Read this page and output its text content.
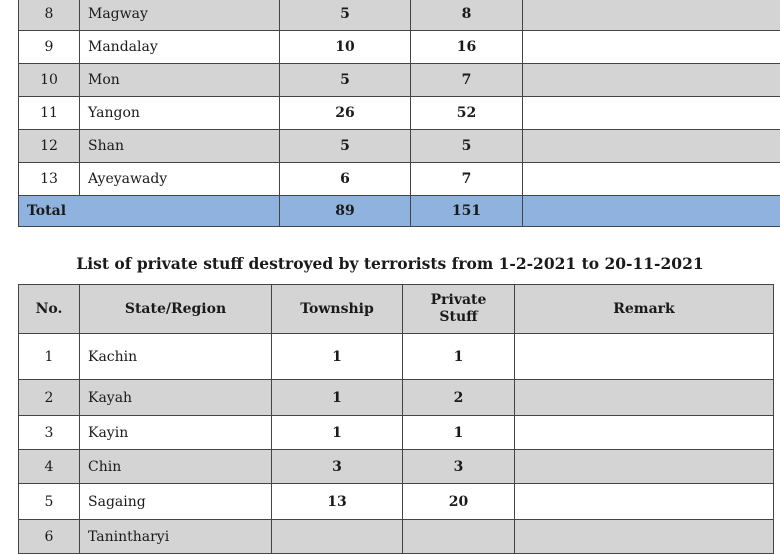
8	Magway	5	8	
9	Mandalay	10	16	
10	Mon	5	7	
11	Yangon	26	52	
12	Shan	5	5	
13	Ayeyawady	6	7	
Total		89	151	
List of private stuff destroyed by terrorists from 1-2-2021 to 20-11-2021
No.	State/Region	Township	Private Stuff	Remark
1	Kachin	1	1	
2	Kayah	1	2	
3	Kayin	1	1	
4	Chin	3	3	
5	Sagaing	13	20	
6	Tanintharyi			
